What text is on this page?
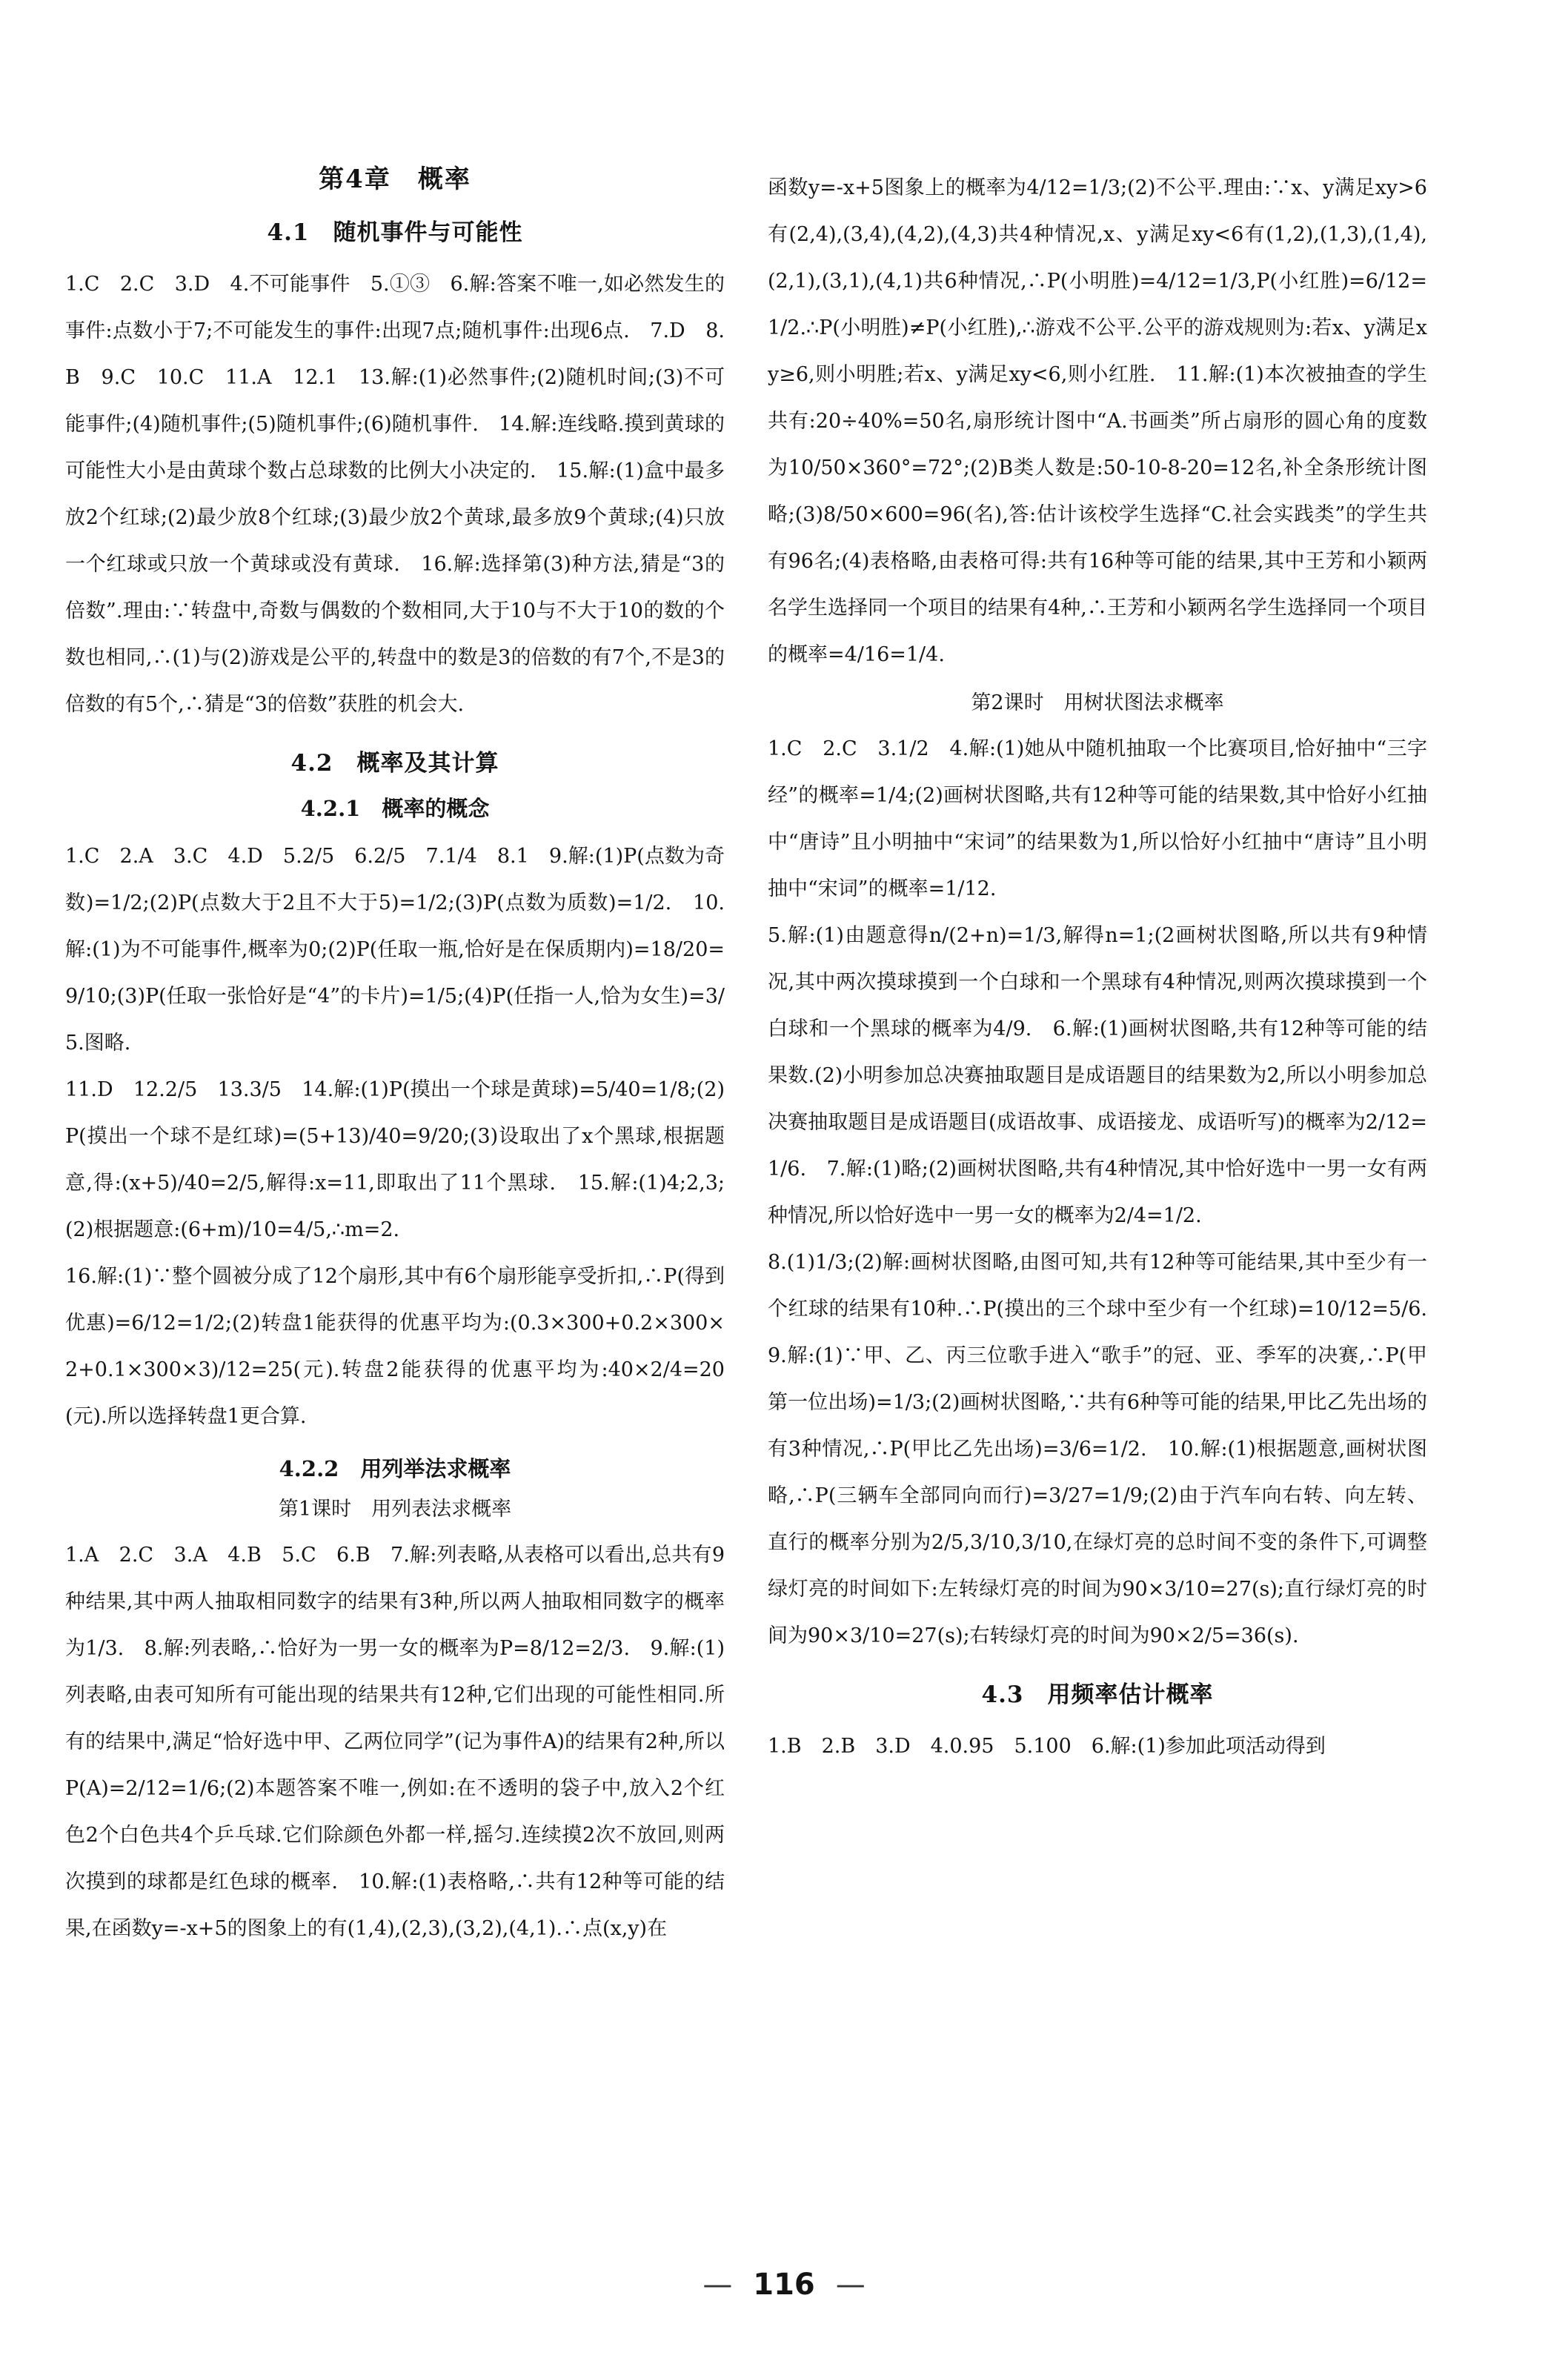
第4章　概率
4.1　随机事件与可能性

1.C　2.C　3.D　4.不可能事件　5.①③　6.解:答案不唯一,如必然发生的事件:点数小于7;不可能发生的事件:出现7点;随机事件:出现6点.　7.D　8.B　9.C　10.C　11.A　12.1　13.解:(1)必然事件;(2)随机时间;(3)不可能事件;(4)随机事件;(5)随机事件;(6)随机事件.　14.解:连线略.摸到黄球的可能性大小是由黄球个数占总球数的比例大小决定的.　15.解:(1)盒中最多放2个红球;(2)最少放8个红球;(3)最少放2个黄球,最多放9个黄球;(4)只放一个红球或只放一个黄球或没有黄球.　16.解:选择第(3)种方法,猜是“3的倍数”.理由:∵转盘中,奇数与偶数的个数相同,大于10与不大于10的数的个数也相同,∴(1)与(2)游戏是公平的,转盘中的数是3的倍数的有7个,不是3的倍数的有5个,∴猜是“3的倍数”获胜的机会大.

4.2　概率及其计算
4.2.1　概率的概念

1.C　2.A　3.C　4.D　5.2/5　6.2/5　7.1/4　8.1　9.解:(1)P(点数为奇数)=1/2;(2)P(点数大于2且不大于5)=1/2;(3)P(点数为质数)=1/2.　10.解:(1)为不可能事件,概率为0;(2)P(任取一瓶,恰好是在保质期内)=18/20=9/10;(3)P(任取一张恰好是“4”的卡片)=1/5;(4)P(任指一人,恰为女生)=3/5.图略.

11.D　12.2/5　13.3/5　14.解:(1)P(摸出一个球是黄球)=5/40=1/8;(2)P(摸出一个球不是红球)=(5+13)/40=9/20;(3)设取出了x个黑球,根据题意,得:(x+5)/40=2/5,解得:x=11,即取出了11个黑球.　15.解:(1)4;2,3;(2)根据题意:(6+m)/10=4/5,∴m=2.

16.解:(1)∵整个圆被分成了12个扇形,其中有6个扇形能享受折扣,∴P(得到优惠)=6/12=1/2;(2)转盘1能获得的优惠平均为:(0.3×300+0.2×300×2+0.1×300×3)/12=25(元).转盘2能获得的优惠平均为:40×2/4=20(元).所以选择转盘1更合算.

4.2.2　用列举法求概率
第1课时　用列表法求概率

1.A　2.C　3.A　4.B　5.C　6.B　7.解:列表略,从表格可以看出,总共有9种结果,其中两人抽取相同数字的结果有3种,所以两人抽取相同数字的概率为1/3.　8.解:列表略,∴恰好为一男一女的概率为P=8/12=2/3.　9.解:(1)列表略,由表可知所有可能出现的结果共有12种,它们出现的可能性相同.所有的结果中,满足“恰好选中甲、乙两位同学”(记为事件A)的结果有2种,所以P(A)=2/12=1/6;(2)本题答案不唯一,例如:在不透明的袋子中,放入2个红色2个白色共4个乒乓球.它们除颜色外都一样,摇匀.连续摸2次不放回,则两次摸到的球都是红色球的概率.　10.解:(1)表格略,∴共有12种等可能的结果,在函数y=-x+5的图象上的有(1,4),(2,3),(3,2),(4,1).∴点(x,y)在

函数y=-x+5图象上的概率为4/12=1/3;(2)不公平.理由:∵x、y满足xy>6有(2,4),(3,4),(4,2),(4,3)共4种情况,x、y满足xy<6有(1,2),(1,3),(1,4),(2,1),(3,1),(4,1)共6种情况,∴P(小明胜)=4/12=1/3,P(小红胜)=6/12=1/2.∴P(小明胜)≠P(小红胜),∴游戏不公平.公平的游戏规则为:若x、y满足xy≥6,则小明胜;若x、y满足xy<6,则小红胜.　11.解:(1)本次被抽查的学生共有:20÷40%=50名,扇形统计图中“A.书画类”所占扇形的圆心角的度数为10/50×360°=72°;(2)B类人数是:50-10-8-20=12名,补全条形统计图略;(3)8/50×600=96(名),答:估计该校学生选择“C.社会实践类”的学生共有96名;(4)表格略,由表格可得:共有16种等可能的结果,其中王芳和小颖两名学生选择同一个项目的结果有4种,∴王芳和小颖两名学生选择同一个项目的概率=4/16=1/4.

第2课时　用树状图法求概率

1.C　2.C　3.1/2　4.解:(1)她从中随机抽取一个比赛项目,恰好抽中“三字经”的概率=1/4;(2)画树状图略,共有12种等可能的结果数,其中恰好小红抽中“唐诗”且小明抽中“宋词”的结果数为1,所以恰好小红抽中“唐诗”且小明抽中“宋词”的概率=1/12.

5.解:(1)由题意得n/(2+n)=1/3,解得n=1;(2画树状图略,所以共有9种情况,其中两次摸球摸到一个白球和一个黑球有4种情况,则两次摸球摸到一个白球和一个黑球的概率为4/9.　6.解:(1)画树状图略,共有12种等可能的结果数.(2)小明参加总决赛抽取题目是成语题目的结果数为2,所以小明参加总决赛抽取题目是成语题目(成语故事、成语接龙、成语听写)的概率为2/12=1/6.　7.解:(1)略;(2)画树状图略,共有4种情况,其中恰好选中一男一女有两种情况,所以恰好选中一男一女的概率为2/4=1/2.

8.(1)1/3;(2)解:画树状图略,由图可知,共有12种等可能结果,其中至少有一个红球的结果有10种.∴P(摸出的三个球中至少有一个红球)=10/12=5/6.　9.解:(1)∵甲、乙、丙三位歌手进入“歌手”的冠、亚、季军的决赛,∴P(甲第一位出场)=1/3;(2)画树状图略,∵共有6种等可能的结果,甲比乙先出场的有3种情况,∴P(甲比乙先出场)=3/6=1/2.　10.解:(1)根据题意,画树状图略,∴P(三辆车全部同向而行)=3/27=1/9;(2)由于汽车向右转、向左转、直行的概率分别为2/5,3/10,3/10,在绿灯亮的总时间不变的条件下,可调整绿灯亮的时间如下:左转绿灯亮的时间为90×3/10=27(s);直行绿灯亮的时间为90×3/10=27(s);右转绿灯亮的时间为90×2/5=36(s).

4.3　用频率估计概率

1.B　2.B　3.D　4.0.95　5.100　6.解:(1)参加此项活动得到

— 116 —
